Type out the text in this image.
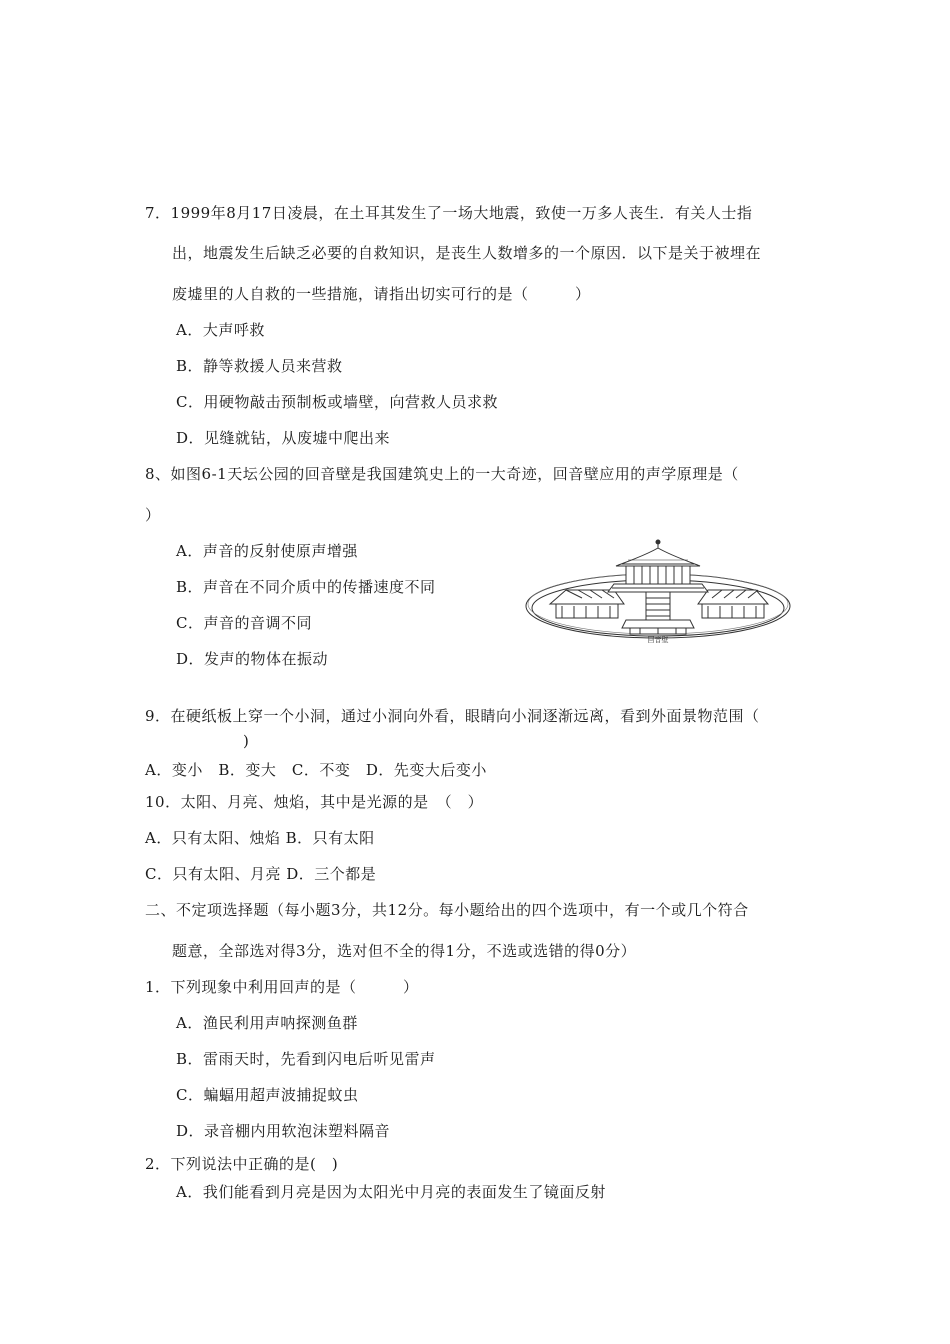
7．1999年8月17日凌晨，在土耳其发生了一场大地震，致使一万多人丧生．有关人士指
出，地震发生后缺乏必要的自救知识，是丧生人数增多的一个原因．以下是关于被埋在
废墟里的人自救的一些措施，请指出切实可行的是（　　　）
A．大声呼救
B．静等救援人员来营救
C．用硬物敲击预制板或墙壁，向营救人员求救
D．见缝就钻，从废墟中爬出来
8、如图6-1天坛公园的回音壁是我国建筑史上的一大奇迹，回音壁应用的声学原理是（
）
A．声音的反射使原声增强
B．声音在不同介质中的传播速度不同
C．声音的音调不同
D．发声的物体在振动
回音壁
9．在硬纸板上穿一个小洞，通过小洞向外看，眼睛向小洞逐渐远离，看到外面景物范围（
)
A．变小　B．变大　C．不变　D．先变大后变小
10．太阳、月亮、烛焰，其中是光源的是　（　）
A．只有太阳、烛焰 B．只有太阳
C．只有太阳、月亮 D．三个都是
二、不定项选择题（每小题3分，共12分。每小题给出的四个选项中，有一个或几个符合
题意，全部选对得3分，选对但不全的得1分，不选或选错的得0分）
1．下列现象中利用回声的是（　　　）
A．渔民利用声呐探测鱼群
B．雷雨天时，先看到闪电后听见雷声
C．蝙蝠用超声波捕捉蚊虫
D．录音棚内用软泡沫塑料隔音
2．下列说法中正确的是(　)
A．我们能看到月亮是因为太阳光中月亮的表面发生了镜面反射
